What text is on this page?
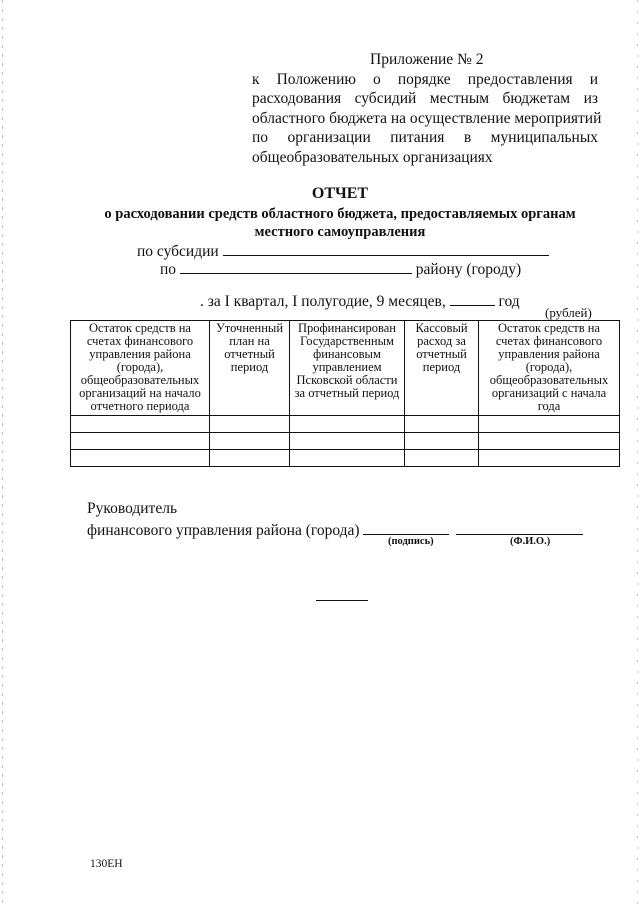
Приложение № 2
к Положению о порядке предоставления и
расходования субсидий местным бюджетам из
областного бюджета на осуществление мероприятий
по организации питания в муниципальных
общеобразовательных организациях
ОТЧЕТ
о расходовании средств областного бюджета, предоставляемых органам
местного самоуправления
по субсидии
по	району (городу)
. за I квартал, I полугодие, 9 месяцев,	год
(рублей)
Остаток средств на счетах финансового управления района (города), общеобразовательных организаций на начало отчетного периода	Уточненный план на отчетный период	Профинансирован Государственным финансовым управлением Псковской области за отчетный период	Кассовый расход за отчетный период	Остаток средств на счетах финансового управления района (города), общеобразовательных организаций с начала года

Руководитель
финансового управления района (города)
(подпись)	(Ф.И.О.)
130ЕН
